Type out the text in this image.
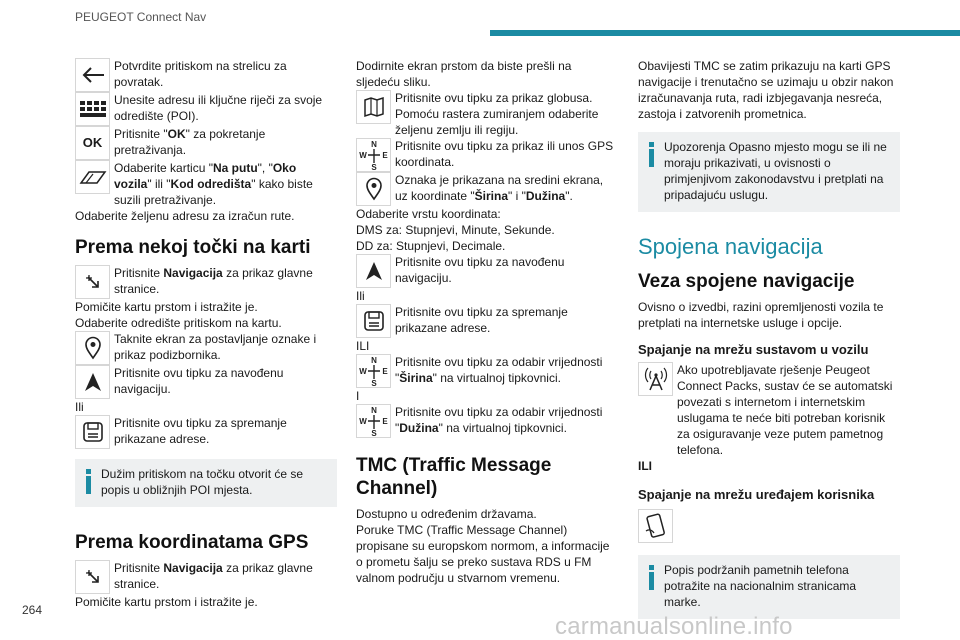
PEUGEOT Connect Nav
Potvrdite pritiskom na strelicu za povratak.
Unesite adresu ili ključne riječi za svoje odredište (POI).
OK
Pritisnite "OK" za pokretanje pretraživanja.
Odaberite karticu "Na putu", "Oko vozila" ili "Kod odredišta" kako biste suzili pretraživanje.
Odaberite željenu adresu za izračun rute.
Prema nekoj točki na karti
Pritisnite Navigacija za prikaz glavne stranice.
Pomičite kartu prstom i istražite je.
Odaberite odredište pritiskom na kartu.
Taknite ekran za postavljanje oznake i prikaz podizbornika.
Pritisnite ovu tipku za navođenu navigaciju.
Ili
Pritisnite ovu tipku za spremanje prikazane adrese.
Dužim pritiskom na točku otvorit će se popis u obližnjih POI mjesta.
Prema koordinatama GPS
Pritisnite Navigacija za prikaz glavne stranice.
Pomičite kartu prstom i istražite je.
Dodirnite ekran prstom da biste prešli na sljedeću sliku.
Pritisnite ovu tipku za prikaz globusa.
Pomoću rastera zumiranjem odaberite željenu zemlju ili regiju.
N
W E
S
Pritisnite ovu tipku za prikaz ili unos GPS koordinata.
Oznaka je prikazana na sredini ekrana, uz koordinate "Širina" i "Dužina".
Odaberite vrstu koordinata:
DMS za: Stupnjevi, Minute, Sekunde.
DD za: Stupnjevi, Decimale.
Pritisnite ovu tipku za navođenu navigaciju.
Ili
Pritisnite ovu tipku za spremanje prikazane adrese.
ILI
N
W E
S
Pritisnite ovu tipku za odabir vrijednosti "Širina" na virtualnoj tipkovnici.
I
N
W E
S
Pritisnite ovu tipku za odabir vrijednosti "Dužina" na virtualnoj tipkovnici.
TMC (Traffic Message Channel)
Dostupno u određenim državama.
Poruke TMC (Traffic Message Channel) propisane su europskom normom, a informacije o prometu šalju se preko sustava RDS u FM valnom području u stvarnom vremenu.
Obavijesti TMC se zatim prikazuju na karti GPS navigacije i trenutačno se uzimaju u obzir nakon izračunavanja ruta, radi izbjegavanja nesreća, zastoja i zatvorenih prometnica.
Upozorenja Opasno mjesto mogu se ili ne moraju prikazivati, u ovisnosti o primjenjivom zakonodavstvu i pretplati na pripadajuću uslugu.
Spojena navigacija
Veza spojene navigacije
Ovisno o izvedbi, razini opremljenosti vozila te pretplati na internetske usluge i opcije.
Spajanje na mrežu sustavom u vozilu
Ako upotrebljavate rješenje Peugeot Connect Packs, sustav će se automatski povezati s internetom i internetskim uslugama te neće biti potreban korisnik za osiguravanje veze putem pametnog telefona.
ILI
Spajanje na mrežu uređajem korisnika
Popis podržanih pametnih telefona potražite na nacionalnim stranicama marke.
264
carmanualsonline.info
